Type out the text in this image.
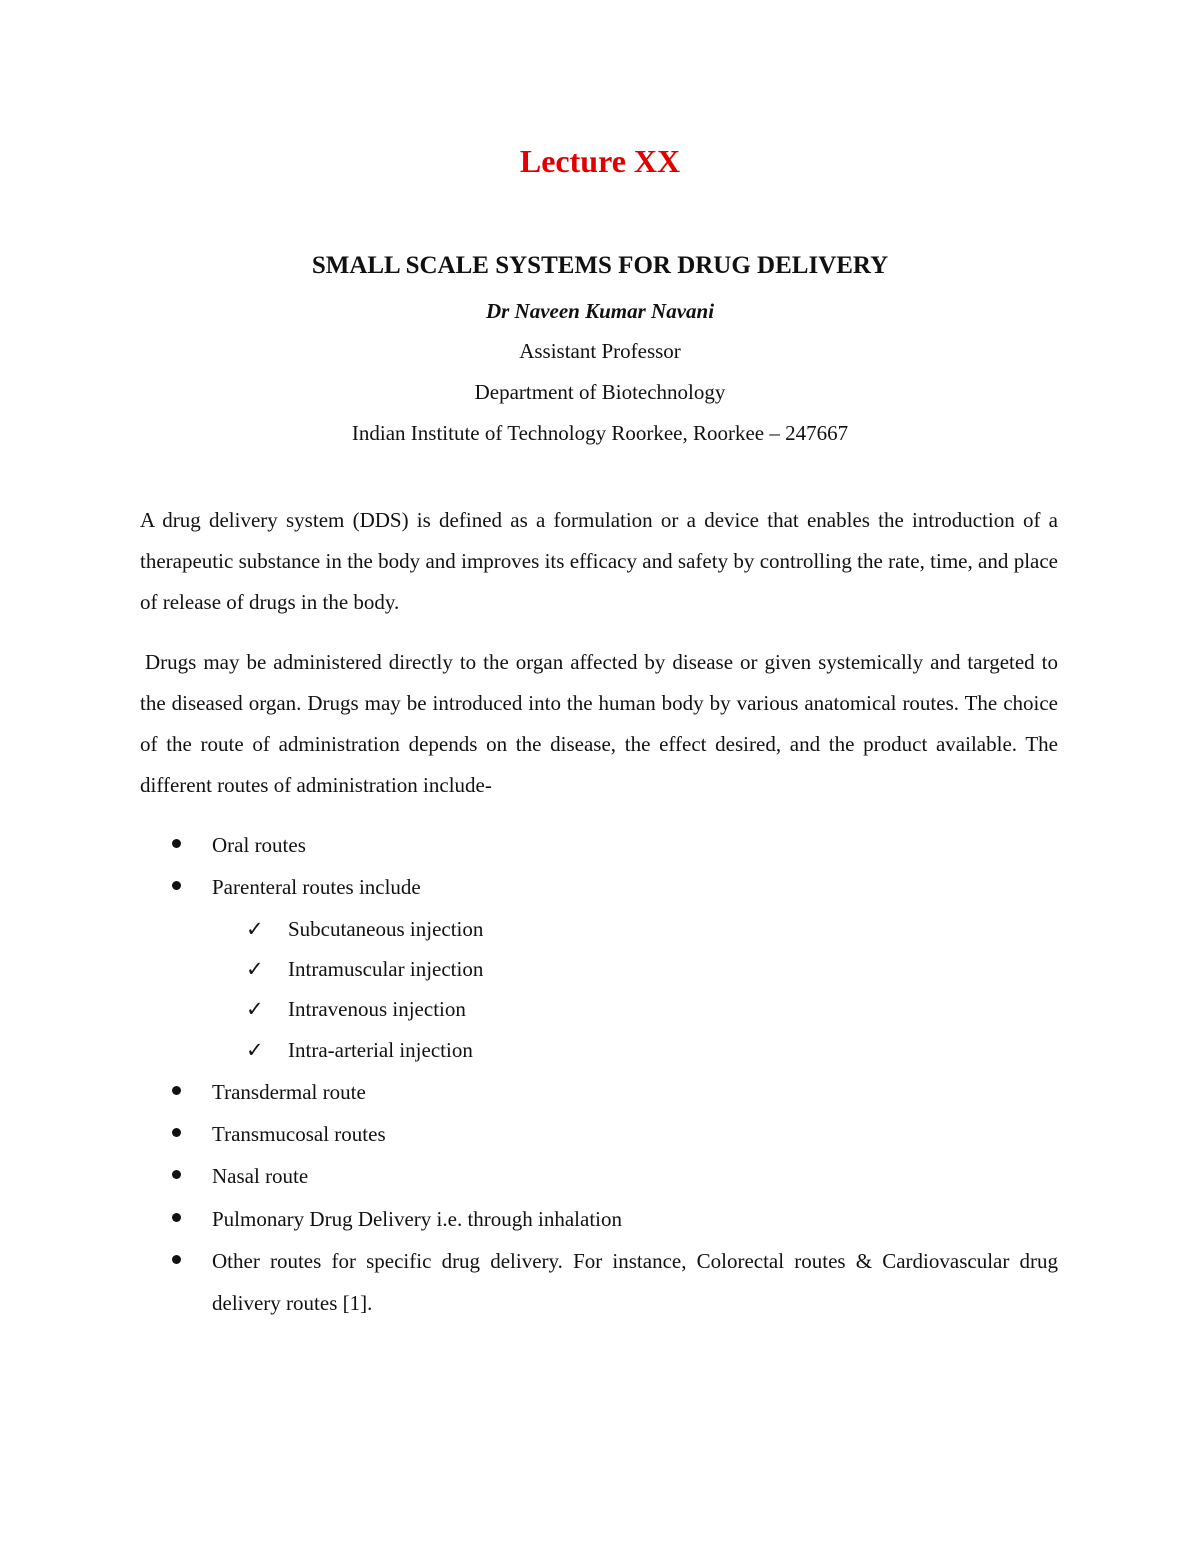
Lecture XX
SMALL SCALE SYSTEMS FOR DRUG DELIVERY
Dr Naveen Kumar Navani
Assistant Professor
Department of Biotechnology
Indian Institute of Technology Roorkee, Roorkee – 247667

A drug delivery system (DDS) is defined as a formulation or a device that enables the introduction of a therapeutic substance in the body and improves its efficacy and safety by controlling the rate, time, and place of release of drugs in the body.

Drugs may be administered directly to the organ affected by disease or given systemically and targeted to the diseased organ. Drugs may be introduced into the human body by various anatomical routes. The choice of the route of administration depends on the disease, the effect desired, and the product available. The different routes of administration include-

Oral routes
Parenteral routes include
✓ Subcutaneous injection
✓ Intramuscular injection
✓ Intravenous injection
✓ Intra-arterial injection
Transdermal route
Transmucosal routes
Nasal route
Pulmonary Drug Delivery i.e. through inhalation
Other routes for specific drug delivery. For instance, Colorectal routes & Cardiovascular drug delivery routes [1].
